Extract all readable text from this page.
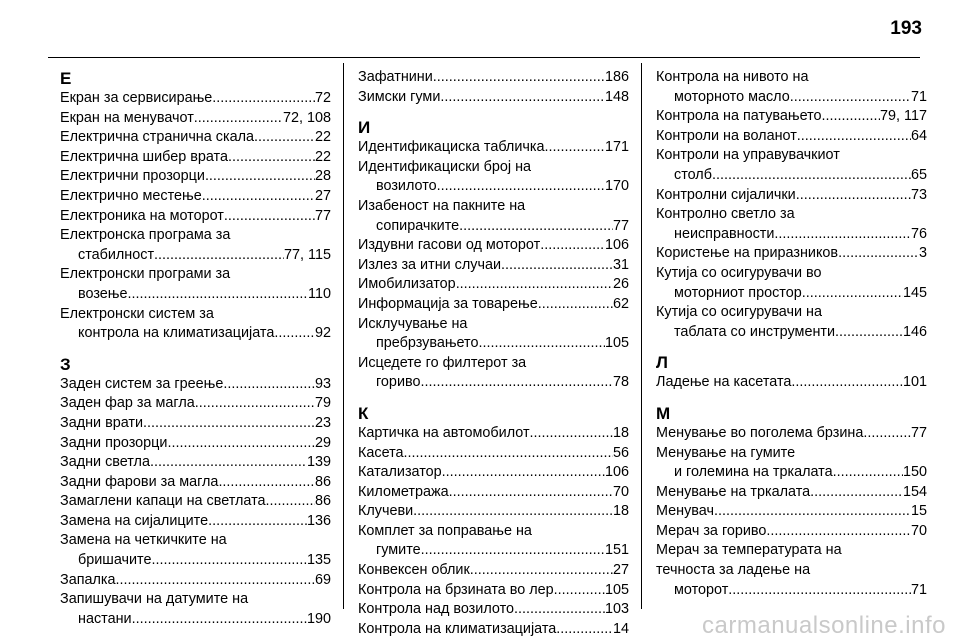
193
Е
Екран за сервисирање .....	72
Екран на менувачот .....	72, 108
Електрична странична скала .....	22
Електрична шибер врата .....	22
Електрични прозорци .....	28
Електрично местење .....	27
Електроника на моторот .....	77
Електронска програма за
стабилност .....	77, 115
Електронски програми за
возење .....	110
Електронски систем за
контрола на климатизацијата .....	92
З
Заден систем за греење .....	93
Заден фар за магла .....	79
Задни врати .....	23
Задни прозорци .....	29
Задни светла .....	139
Задни фарови за магла .....	86
Замаглени капаци на светлата .....	86
Замена на сијалиците .....	136
Замена на четкичките на
бришачите .....	135
Запалка .....	69
Запишувачи на датумите на
настани .....	190
Зафатнини .....	186
Зимски гуми .....	148
И
Идентификациска табличка .....	171
Идентификациски број на
возилото .....	170
Изабеност на пакните на
сопирачките .....	77
Издувни гасови од моторот .....	106
Излез за итни случаи .....	31
Имобилизатор .....	26
Информација за товарење .....	62
Исклучување на
пребрзувањето .....	105
Исцедете го филтерот за
гориво .....	78
К
Картичка на автомобилот .....	18
Касета .....	56
Катализатор .....	106
Километража .....	70
Клучеви .....	18
Комплет за поправање на
гумите .....	151
Конвексен облик .....	27
Контрола на брзината во лер .....	105
Контрола над возилото .....	103
Контрола на климатизацијата .....	14
Контрола на нивото на
моторното масло .....	71
Контрола на патувањето .....	79, 117
Контроли на воланот .....	64
Контроли на управувачкиот
столб .....	65
Контролни сијалички .....	73
Контролно светло за
неисправности .....	76
Користење на приразников .....	3
Кутија со осигурувачи во
моторниот простор .....	145
Кутија со осигурувачи на
таблата со инструменти .....	146
Л
Ладење на касетата .....	101
М
Менување во поголема брзина. .....	77
Менување на гумите
и големина на тркалата .....	150
Менување на тркалата .....	154
Менувач .....	15
Мерач за гориво .....	70
Мерач за температурата на
течноста за ладење на
моторот .....	71
carmanualsonline.info
